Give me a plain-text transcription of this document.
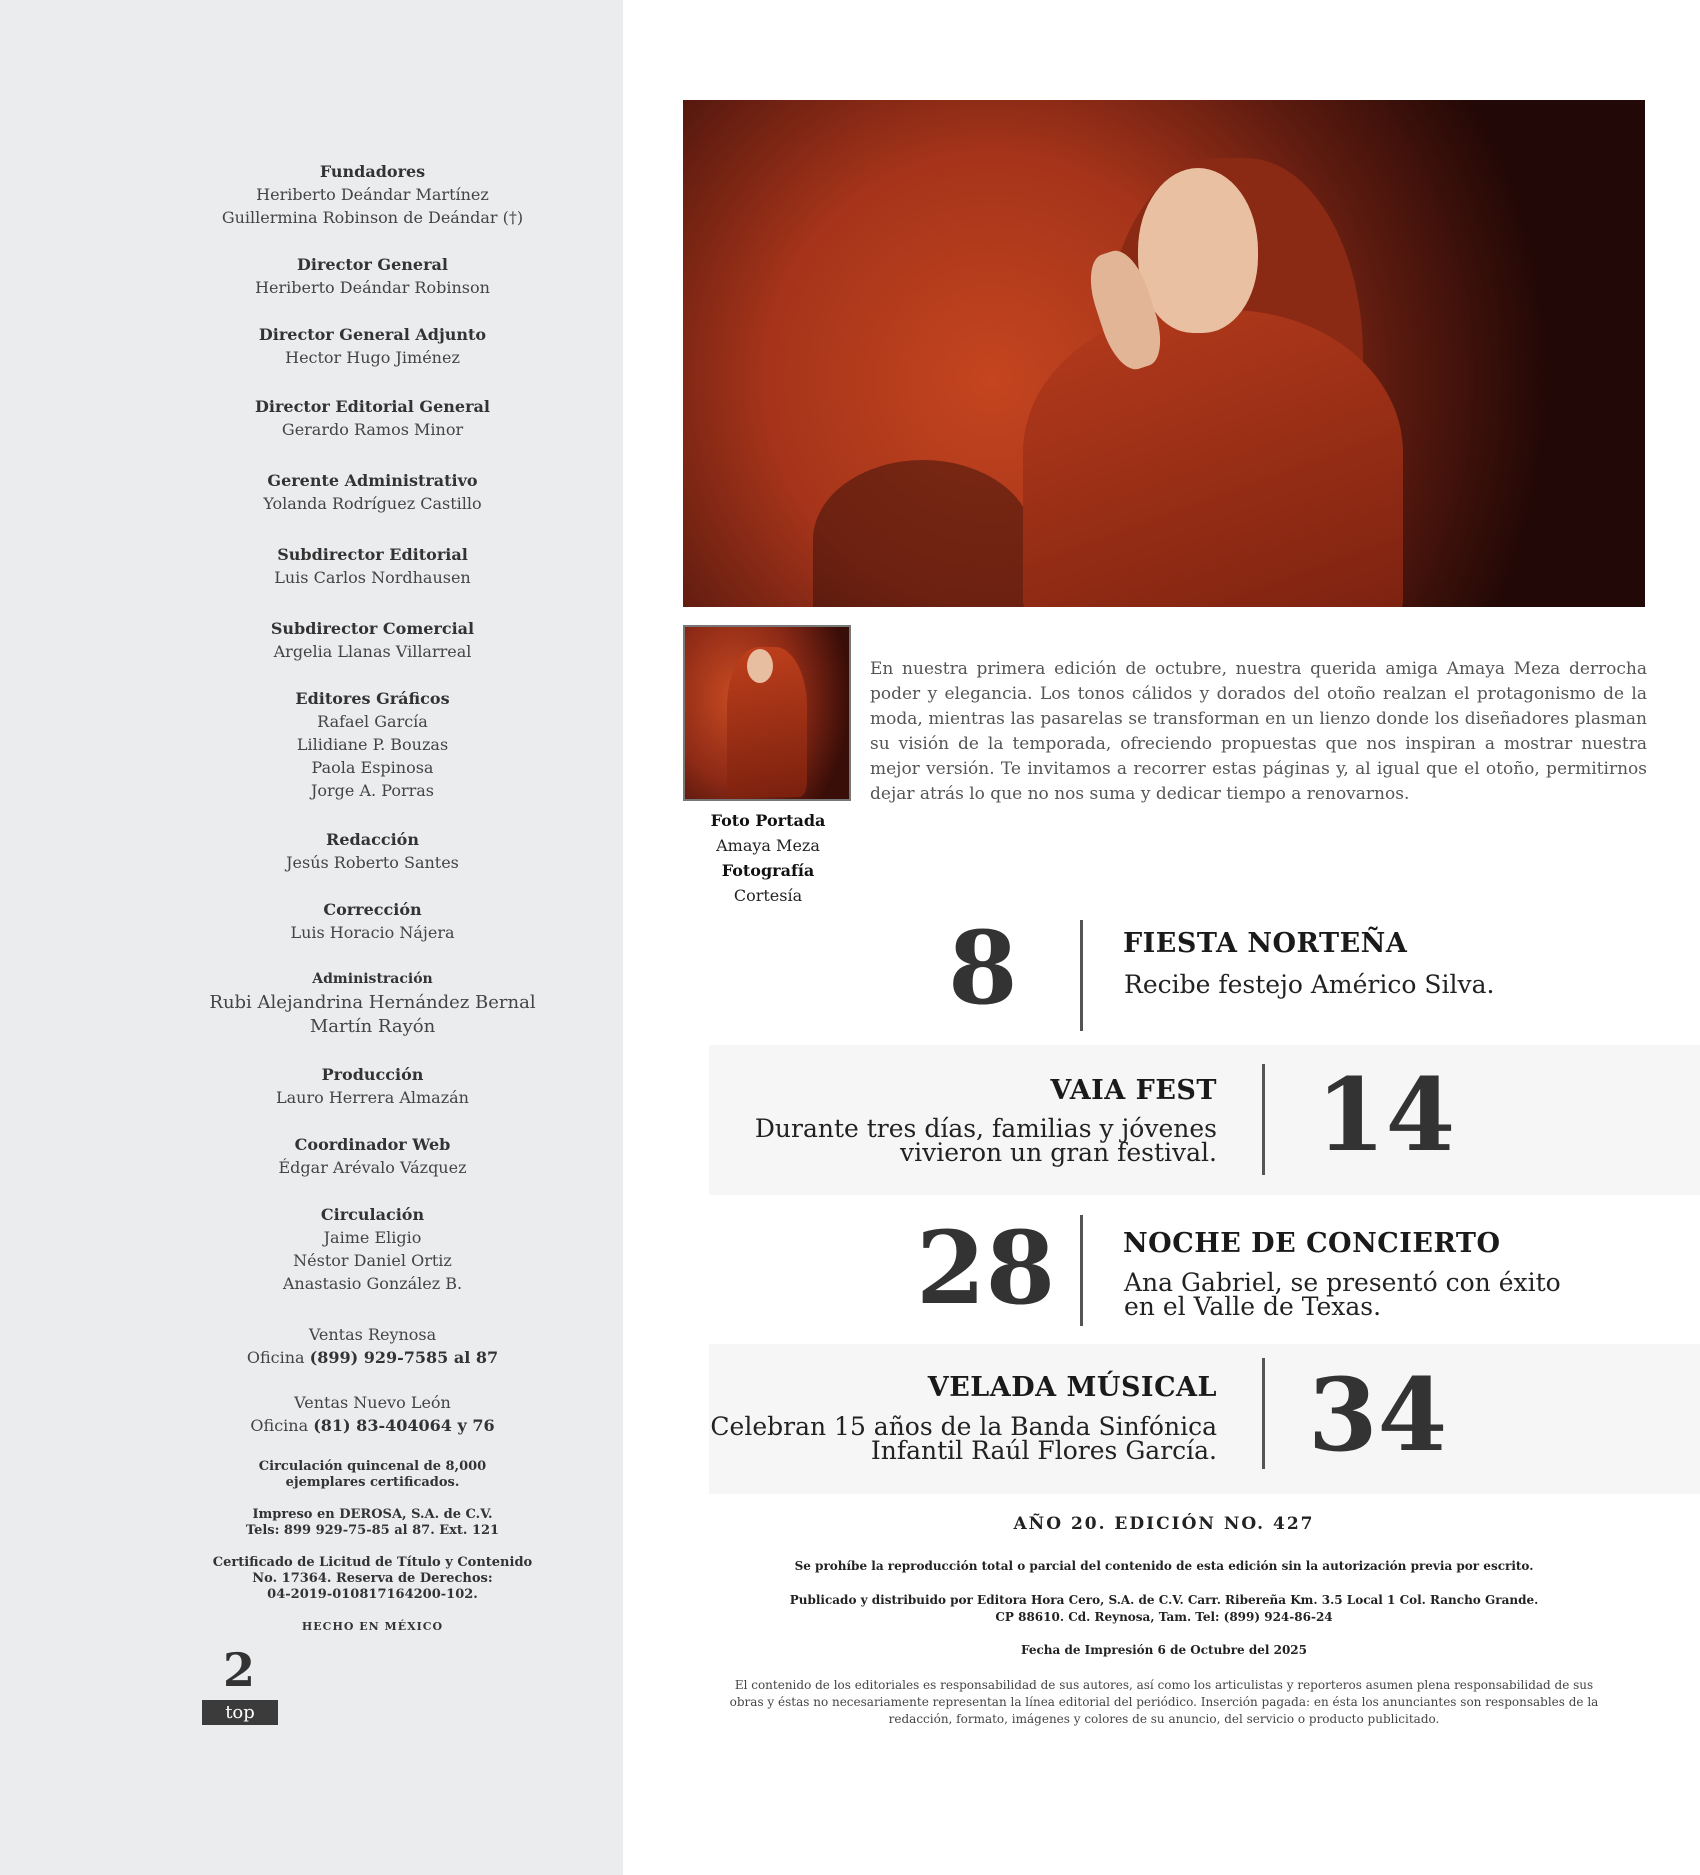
Fundadores
Heriberto Deándar Martínez
Guillermina Robinson de Deándar (†)
Director General
Heriberto Deándar Robinson
Director General Adjunto
Hector Hugo Jiménez
Director Editorial General
Gerardo Ramos Minor
Gerente Administrativo
Yolanda Rodríguez Castillo
Subdirector Editorial
Luis Carlos Nordhausen
Subdirector Comercial
Argelia Llanas Villarreal
Editores Gráficos
Rafael García
Lilidiane P. Bouzas
Paola Espinosa
Jorge A. Porras
Redacción
Jesús Roberto Santes
Corrección
Luis Horacio Nájera
Administración
Rubi Alejandrina Hernández Bernal
Martín Rayón
Producción
Lauro Herrera Almazán
Coordinador Web
Édgar Arévalo Vázquez
Circulación
Jaime Eligio
Néstor Daniel Ortiz
Anastasio González B.
Ventas Reynosa
Oficina (899) 929-7585 al 87
Ventas Nuevo León
Oficina (81) 83-404064 y 76
Circulación quincenal de 8,000
ejemplares certificados.
Impreso en DEROSA, S.A. de C.V.
Tels: 899 929-75-85 al 87. Ext. 121
Certificado de Licitud de Título y Contenido
No. 17364. Reserva de Derechos:
04-2019-010817164200-102.
HECHO EN MÉXICO
2
top
Foto Portada
Amaya Meza
Fotografía
Cortesía
En nuestra primera edición de octubre, nuestra querida amiga Amaya Meza derrocha poder y elegancia. Los tonos cálidos y dorados del otoño realzan el protagonismo de la moda, mientras las pasarelas se transforman en un lienzo donde los diseñadores plasman su visión de la temporada, ofreciendo propuestas que nos inspiran a mostrar nuestra mejor versión. Te invitamos a recorrer estas páginas y, al igual que el otoño, permitirnos dejar atrás lo que no nos suma y dedicar tiempo a renovarnos.
8	FIESTA NORTEÑA
Recibe festejo Américo Silva.
VAIA FEST
Durante tres días, familias y jóvenes
vivieron un gran festival. 14
28	NOCHE DE CONCIERTO
Ana Gabriel, se presentó con éxito
en el Valle de Texas.
VELADA MÚSICAL
Celebran 15 años de la Banda Sinfónica
Infantil Raúl Flores García. 34
AÑO 20. EDICIÓN NO. 427
Se prohíbe la reproducción total o parcial del contenido de esta edición sin la autorización previa por escrito.
Publicado y distribuido por Editora Hora Cero, S.A. de C.V. Carr. Ribereña Km. 3.5 Local 1 Col. Rancho Grande.
CP 88610. Cd. Reynosa, Tam. Tel: (899) 924-86-24
Fecha de Impresión 6 de Octubre del 2025
El contenido de los editoriales es responsabilidad de sus autores, así como los articulistas y reporteros asumen plena responsabilidad de sus
obras y éstas no necesariamente representan la línea editorial del periódico. Inserción pagada: en ésta los anunciantes son responsables de la
redacción, formato, imágenes y colores de su anuncio, del servicio o producto publicitado.
